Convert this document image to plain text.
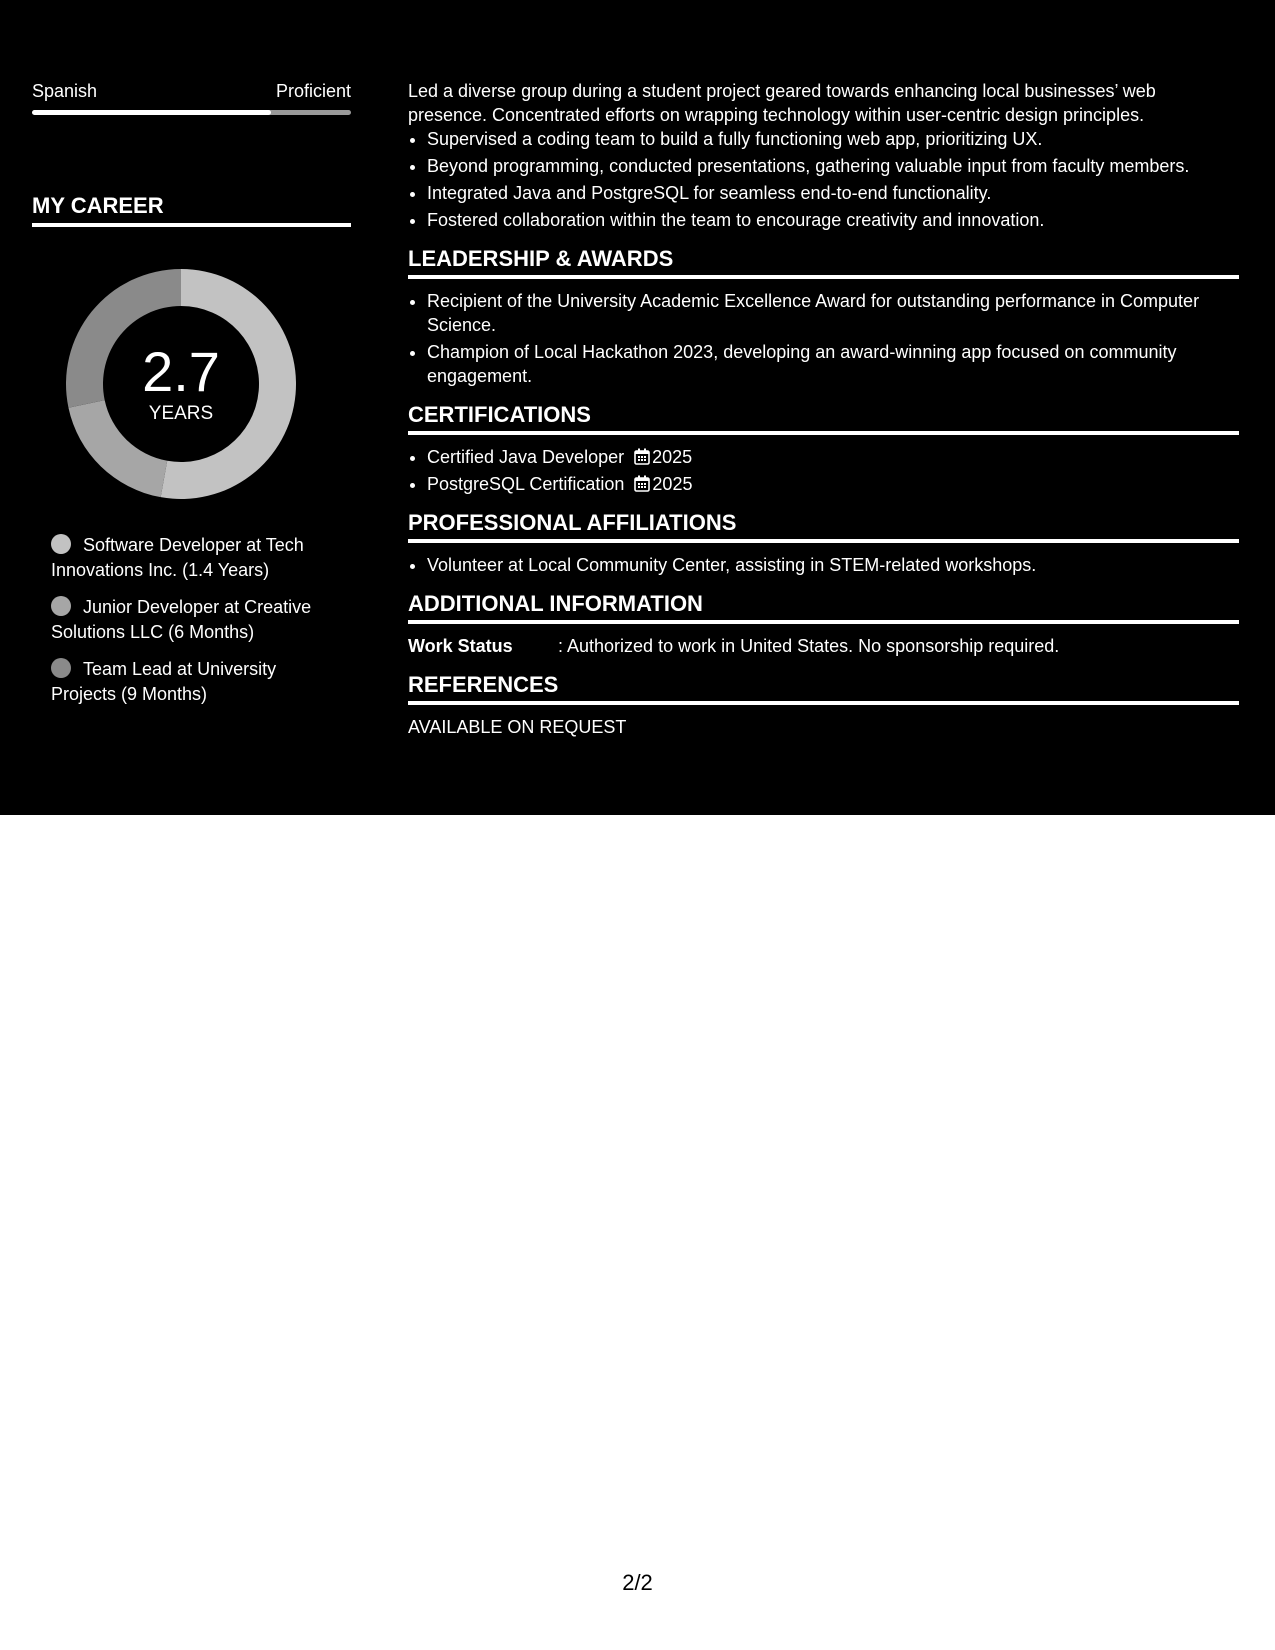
Spanish	Proficient
MY CAREER
2.7
YEARS
Software Developer at Tech Innovations Inc. (1.4 Years)
Junior Developer at Creative Solutions LLC (6 Months)
Team Lead at University Projects (9 Months)

Led a diverse group during a student project geared towards enhancing local businesses’ web presence. Concentrated efforts on wrapping technology within user-centric design principles.

• Supervised a coding team to build a fully functioning web app, prioritizing UX.
• Beyond programming, conducted presentations, gathering valuable input from faculty members.
• Integrated Java and PostgreSQL for seamless end-to-end functionality.
• Fostered collaboration within the team to encourage creativity and innovation.
LEADERSHIP & AWARDS
• Recipient of the University Academic Excellence Award for outstanding performance in Computer Science.
• Champion of Local Hackathon 2023, developing an award-winning app focused on community engagement.
CERTIFICATIONS
• Certified Java Developer 2025
• PostgreSQL Certification 2025
PROFESSIONAL AFFILIATIONS
• Volunteer at Local Community Center, assisting in STEM-related workshops.
ADDITIONAL INFORMATION
Work Status	: Authorized to work in United States. No sponsorship required.
REFERENCES
AVAILABLE ON REQUEST
2/2
